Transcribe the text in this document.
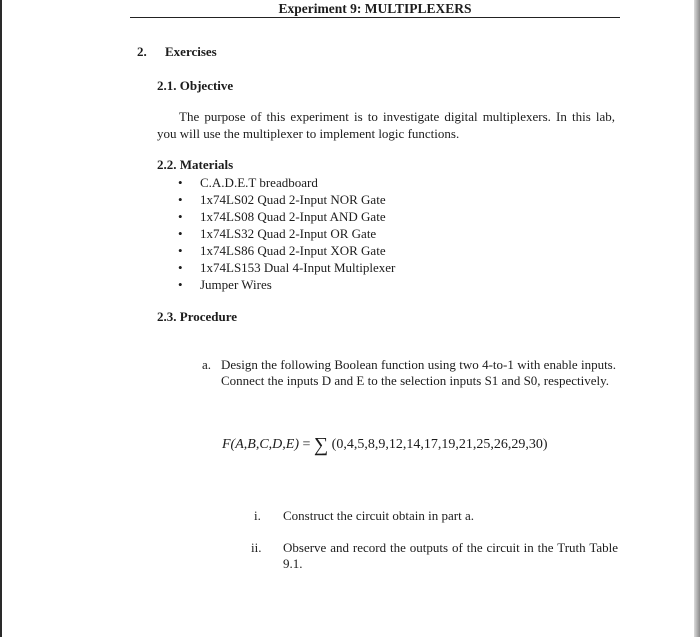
Experiment 9: MULTIPLEXERS
2. Exercises
2.1. Objective
The purpose of this experiment is to investigate digital multiplexers. In this lab, you will use the multiplexer to implement logic functions.
2.2. Materials
• C.A.D.E.T breadboard
• 1x74LS02 Quad 2-Input NOR Gate
• 1x74LS08 Quad 2-Input AND Gate
• 1x74LS32 Quad 2-Input OR Gate
• 1x74LS86 Quad 2-Input XOR Gate
• 1x74LS153 Dual 4-Input Multiplexer
• Jumper Wires
2.3. Procedure
a. Design the following Boolean function using two 4-to-1 with enable inputs. Connect the inputs D and E to the selection inputs S1 and S0, respectively.
F(A,B,C,D,E) = ∑ (0,4,5,8,9,12,14,17,19,21,25,26,29,30)
i. Construct the circuit obtain in part a.
ii. Observe and record the outputs of the circuit in the Truth Table 9.1.
